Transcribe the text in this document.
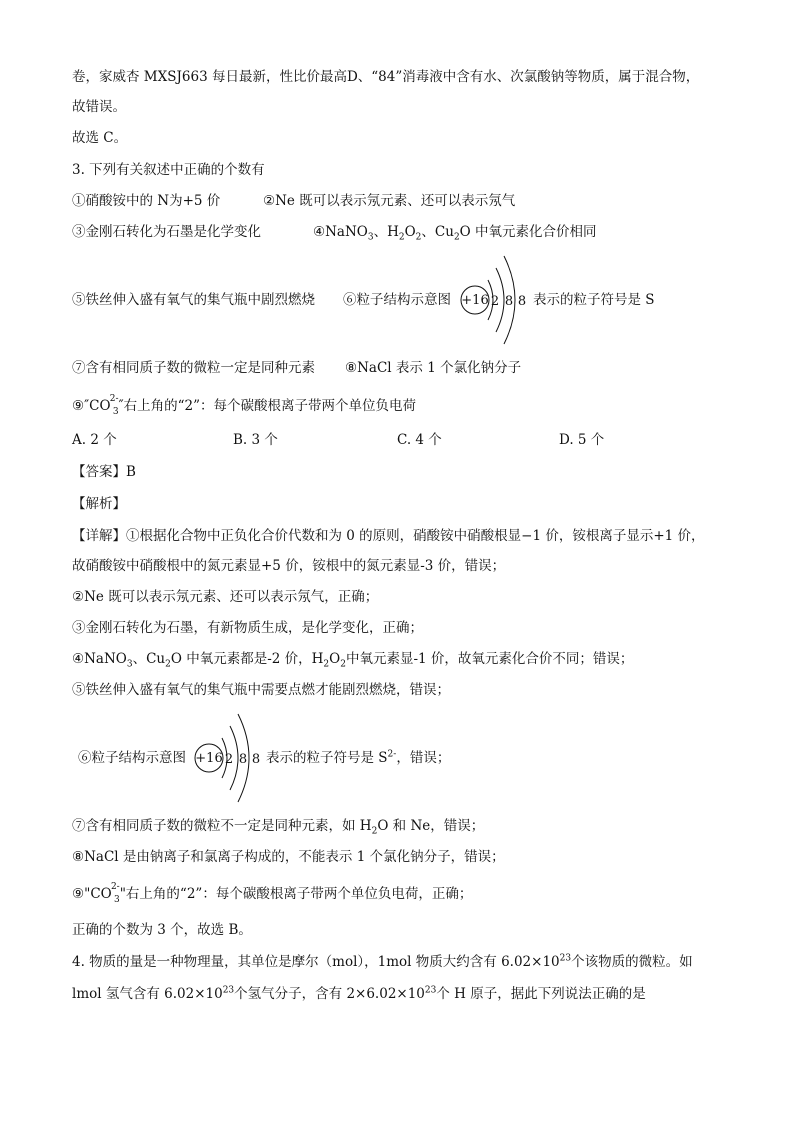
卷，家威杏 MXSJ663 每日最新，性比价最高D、“84”消毒液中含有水、次氯酸钠等物质，属于混合物，
故错误。
故选 C。
3. 下列有关叙述中正确的个数有
①硝酸铵中的 N为+5 价	②Ne 既可以表示氖元素、还可以表示氖气
③金刚石转化为石墨是化学变化	④NaNO$_3$、$H_2O_2$、$Cu_2O$ 中氧元素化合价相同
⑤铁丝伸入盛有氧气的集气瓶中剧烈燃烧 ⑥粒子结构示意图 +16 2 8 8 表示的粒子符号是 S
⑦含有相同质子数的微粒一定是同种元素 ⑧NaCl 表示 1 个氯化钠分子
⑨″CO 2-
3 ″右上角的“2”：每个碳酸根离子带两个单位负电荷
A. 2 个	B. 3 个	C. 4 个	D. 5 个
【答案】B
【解析】
【详解】①根据化合物中正负化合价代数和为 0 的原则，硝酸铵中硝酸根显−1 价，铵根离子显示+1 价，
故硝酸铵中硝酸根中的氮元素显+5 价，铵根中的氮元素显-3 价，错误；
②Ne 既可以表示氖元素、还可以表示氖气，正确；
③金刚石转化为石墨，有新物质生成，是化学变化，正确；
④NaNO$_3$、$Cu_2O$ 中氧元素都是-2 价，$H_2O_2$中氧元素显-1 价，故氧元素化合价不同；错误；
⑤铁丝伸入盛有氧气的集气瓶中需要点燃才能剧烈燃烧，错误；
⑥粒子结构示意图 +16 2 8 8 表示的粒子符号是 $S^{2-}$，错误；
⑦含有相同质子数的微粒不一定是同种元素，如 $H_2O$ 和 Ne，错误；
⑧NaCl 是由钠离子和氯离子构成的，不能表示 1 个氯化钠分子，错误；
⑨"CO 2-
3 "右上角的“2”：每个碳酸根离子带两个单位负电荷，正确；
正确的个数为 3 个，故选 B。
4. 物质的量是一种物理量，其单位是摩尔（mol），1mol 物质大约含有 $6.02\times 10^{23}$个该物质的微粒。如
lmol 氢气含有 $6.02\times 10^{23}$个氢气分子，含有 $2\times 6.02\times 10^{23}$个 H 原子，据此下列说法正确的是
